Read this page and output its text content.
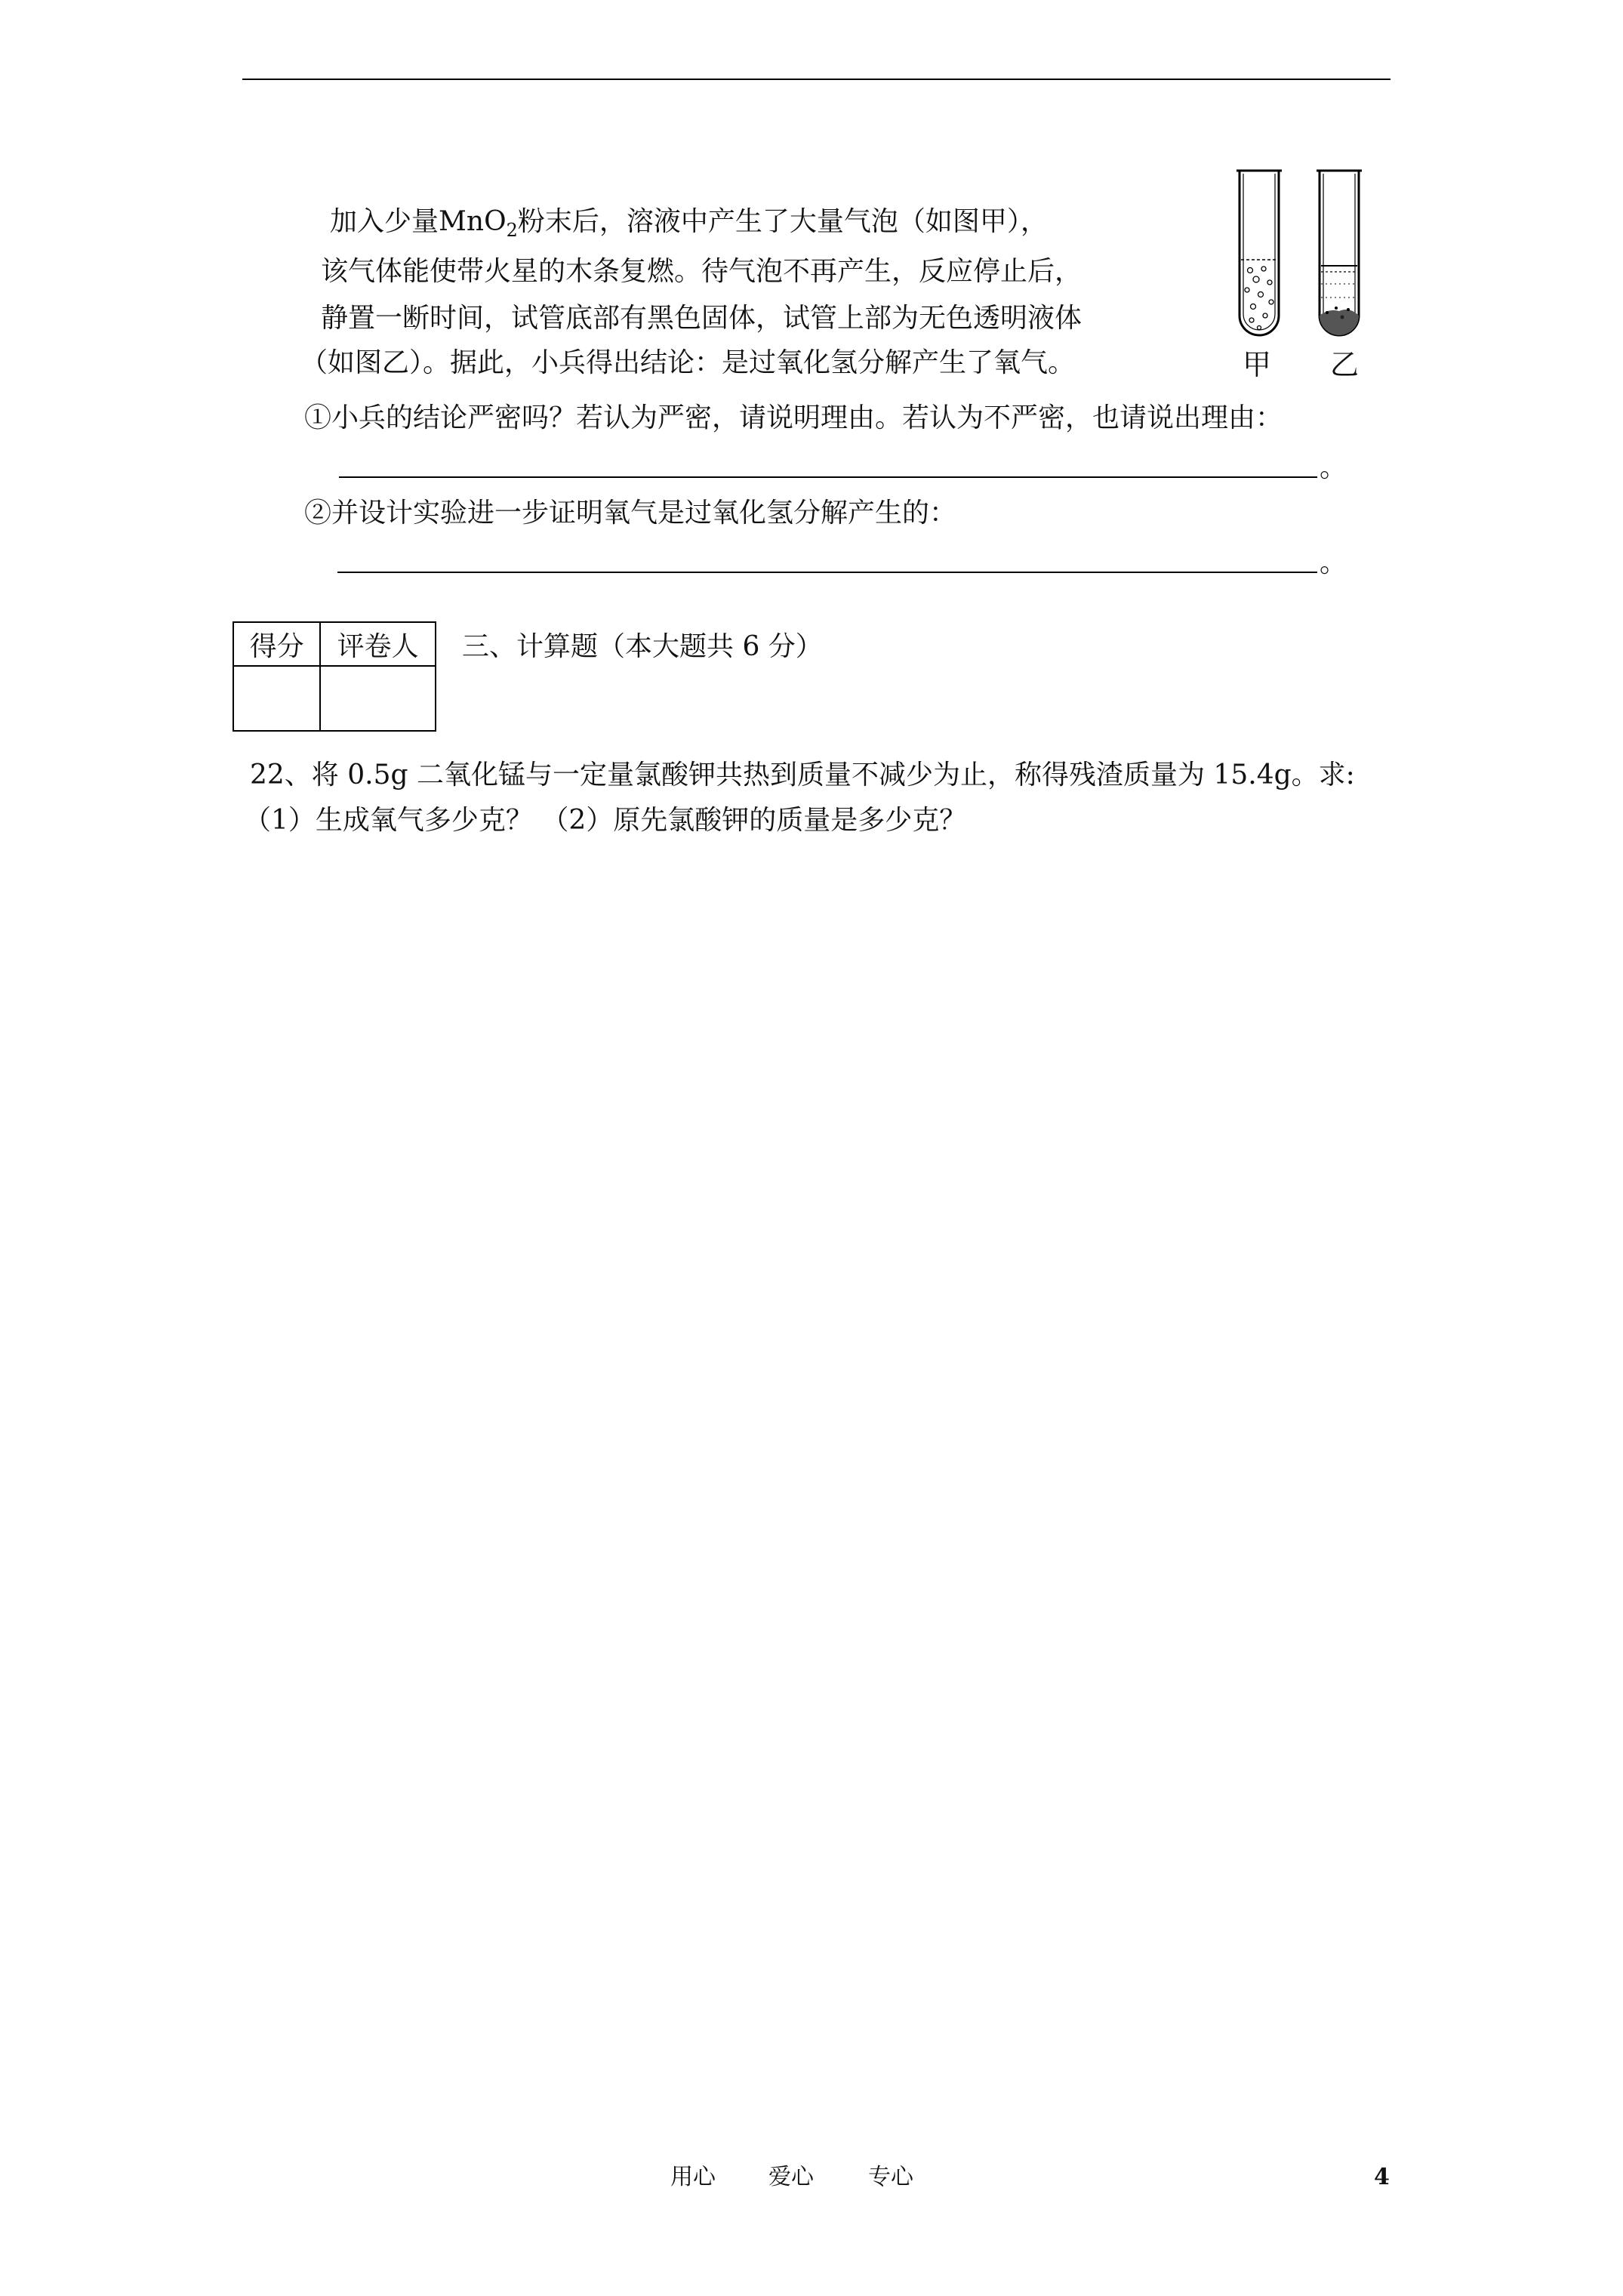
加入少量MnO$_2$粉末后，溶液中产生了大量气泡（如图甲），
该气体能使带火星的木条复燃。待气泡不再产生，反应停止后，
静置一断时间，试管底部有黑色固体，试管上部为无色透明液体
（如图乙）。据此，小兵得出结论：是过氧化氢分解产生了氧气。	甲 乙
①小兵的结论严密吗？若认为严密，请说明理由。若认为不严密，也请说出理由：
。
②并设计实验进一步证明氧气是过氧化氢分解产生的：
。
得分	评卷人
	三、计算题（本大题共 6 分）
22、将 0.5g 二氧化锰与一定量氯酸钾共热到质量不减少为止，称得残渣质量为 15.4g。求:
（1）生成氧气多少克？ （2）原先氯酸钾的质量是多少克？
用心 爱心 专心	4
